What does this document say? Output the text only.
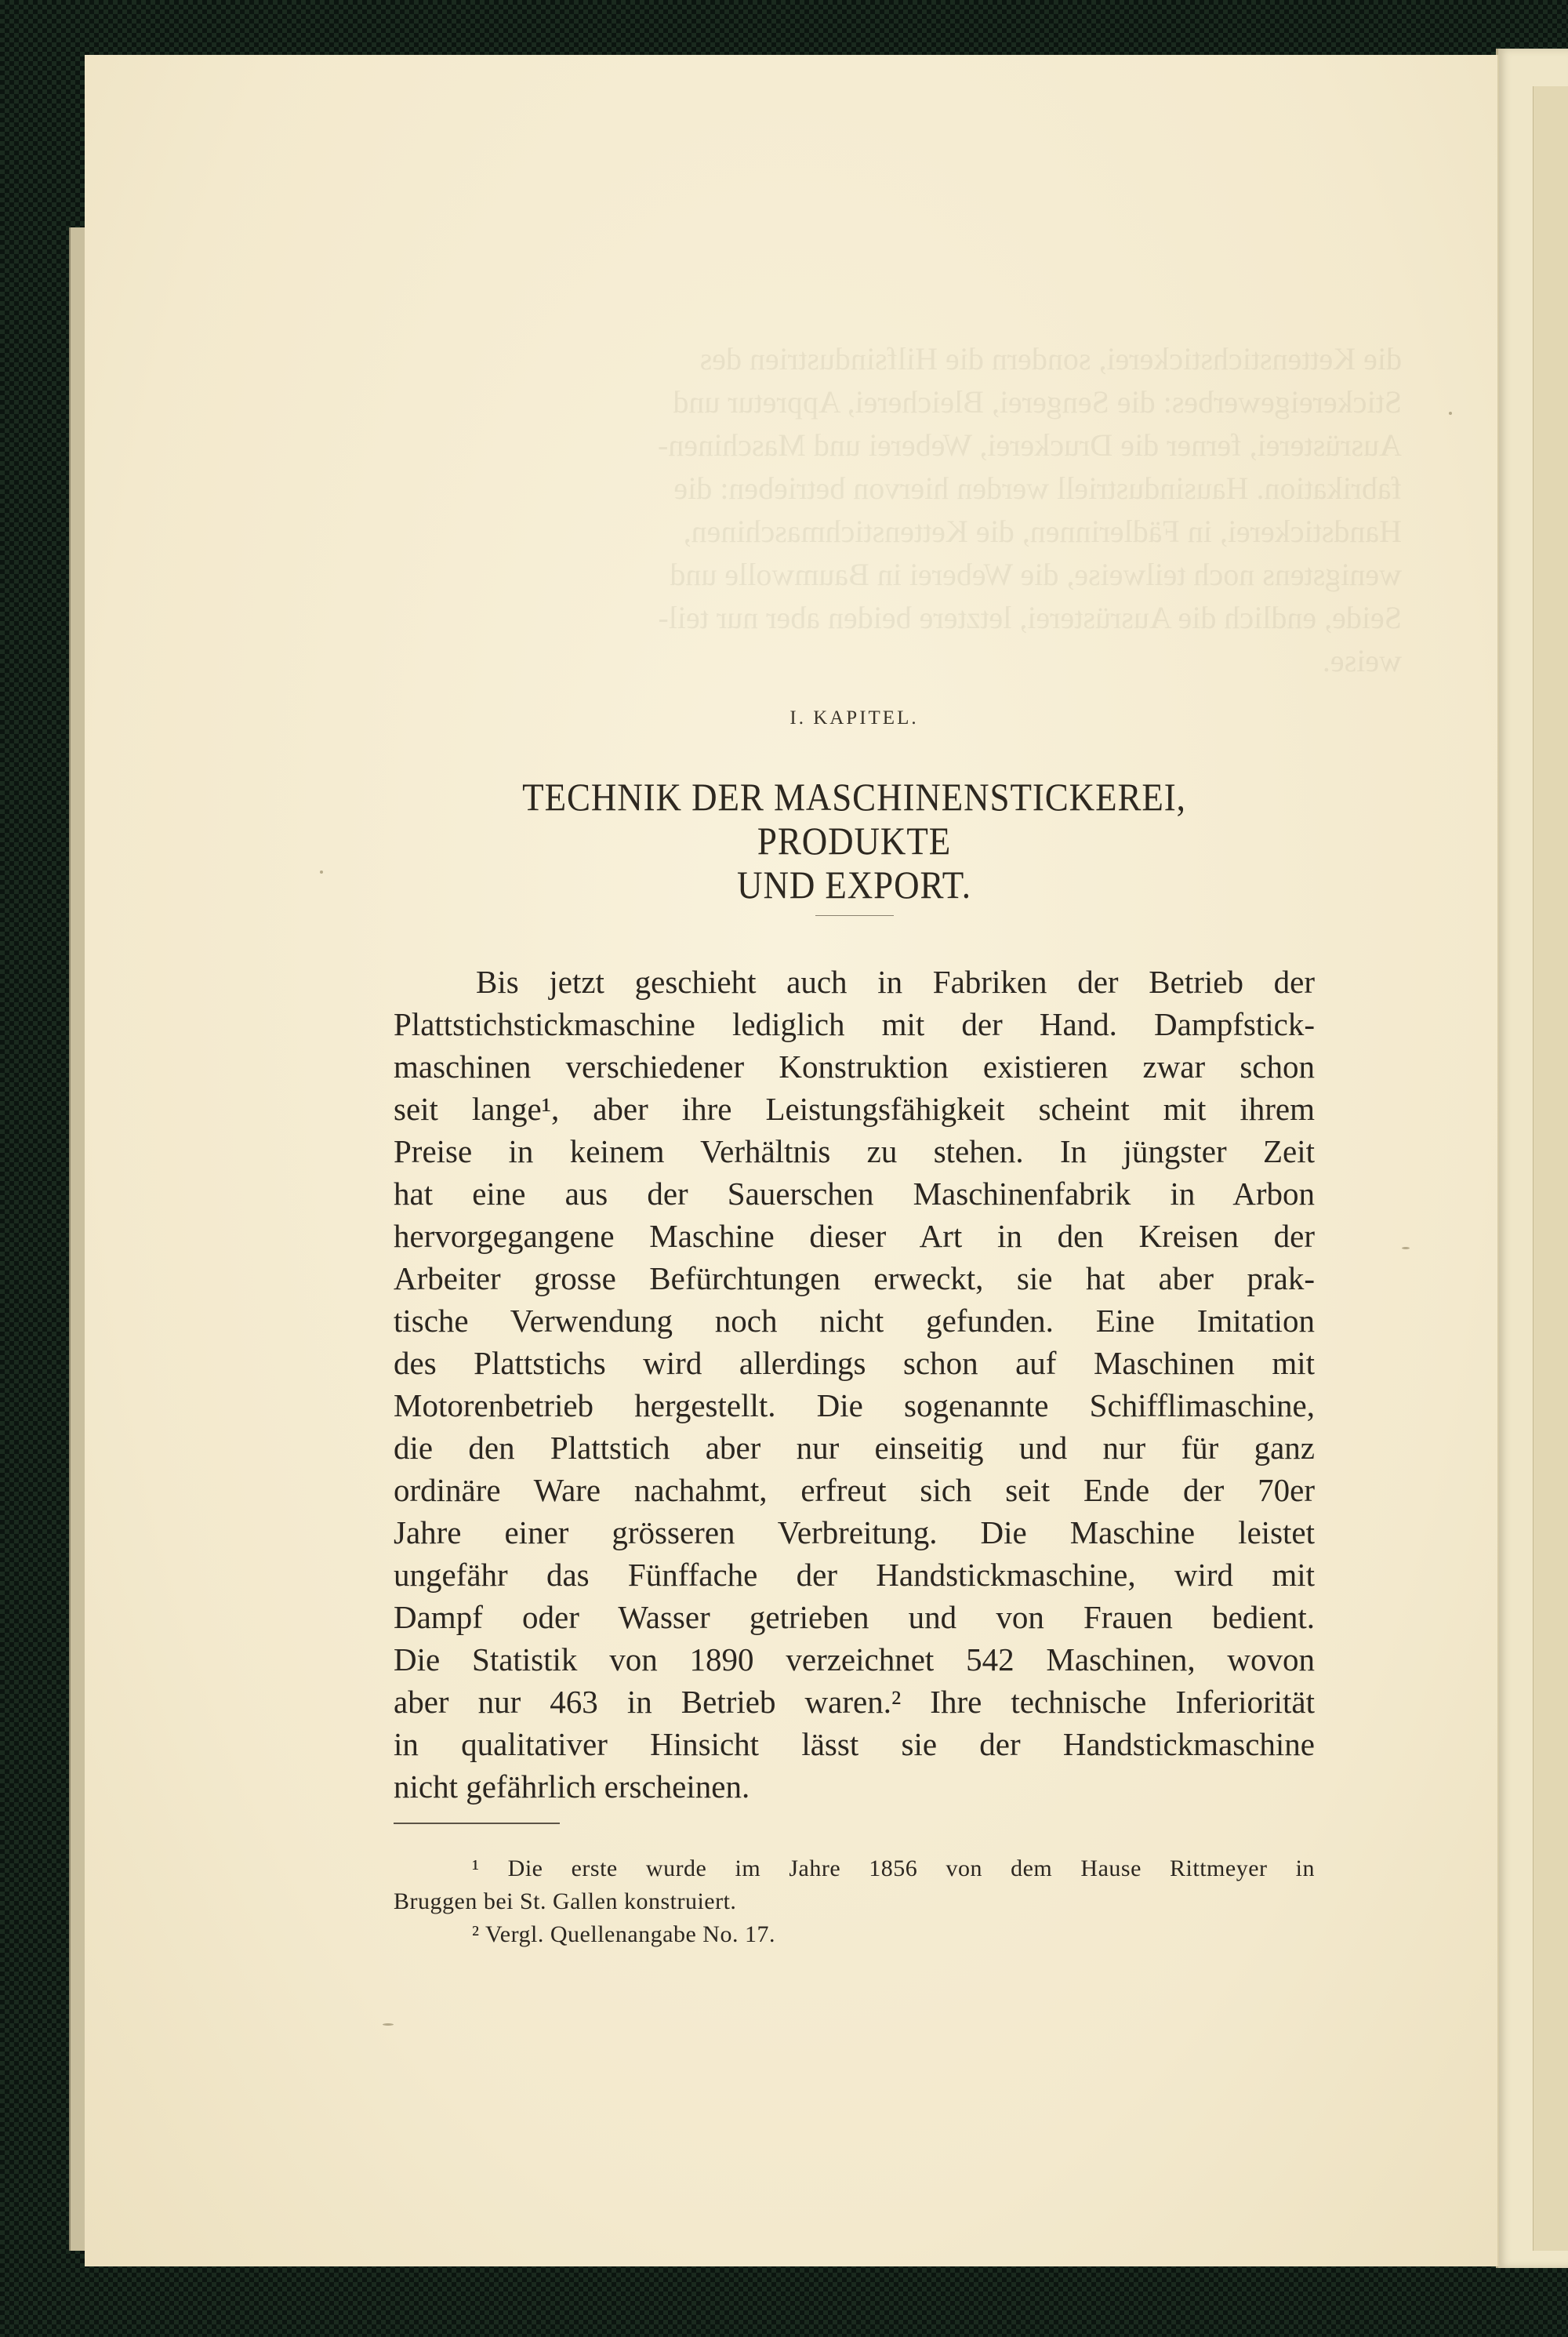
die Kettenstichstickerei, sondern die Hilfsindustrien des
Stickereigewerbes: die Sengerei, Bleicherei, Appretur und
Ausrüsterei, ferner die Druckerei, Weberei und Maschinen-
fabrikation. Hausindustriell werden hiervon betrieben: die
Handstickerei, in Fädlerinnen, die Kettenstichmaschinen,
wenigstens noch teilweise, die Weberei in Baumwolle und
Seide, endlich die Ausrüsterei, letztere beiden aber nur teil-
weise.
I. KAPITEL.
TECHNIK DER MASCHINENSTICKEREI, PRODUKTE
UND EXPORT.
Bis jetzt geschieht auch in Fabriken der Betrieb der
Plattstichstickmaschine lediglich mit der Hand. Dampfstick-
maschinen verschiedener Konstruktion existieren zwar schon
seit lange¹, aber ihre Leistungsfähigkeit scheint mit ihrem
Preise in keinem Verhältnis zu stehen. In jüngster Zeit
hat eine aus der Sauerschen Maschinenfabrik in Arbon
hervorgegangene Maschine dieser Art in den Kreisen der
Arbeiter grosse Befürchtungen erweckt, sie hat aber prak-
tische Verwendung noch nicht gefunden. Eine Imitation
des Plattstichs wird allerdings schon auf Maschinen mit
Motorenbetrieb hergestellt. Die sogenannte Schifflimaschine,
die den Plattstich aber nur einseitig und nur für ganz
ordinäre Ware nachahmt, erfreut sich seit Ende der 70er
Jahre einer grösseren Verbreitung. Die Maschine leistet
ungefähr das Fünffache der Handstickmaschine, wird mit
Dampf oder Wasser getrieben und von Frauen bedient.
Die Statistik von 1890 verzeichnet 542 Maschinen, wovon
aber nur 463 in Betrieb waren.² Ihre technische Inferiorität
in qualitativer Hinsicht lässt sie der Handstickmaschine
nicht gefährlich erscheinen.
¹ Die erste wurde im Jahre 1856 von dem Hause Rittmeyer in
Bruggen bei St. Gallen konstruiert.
² Vergl. Quellenangabe No. 17.
